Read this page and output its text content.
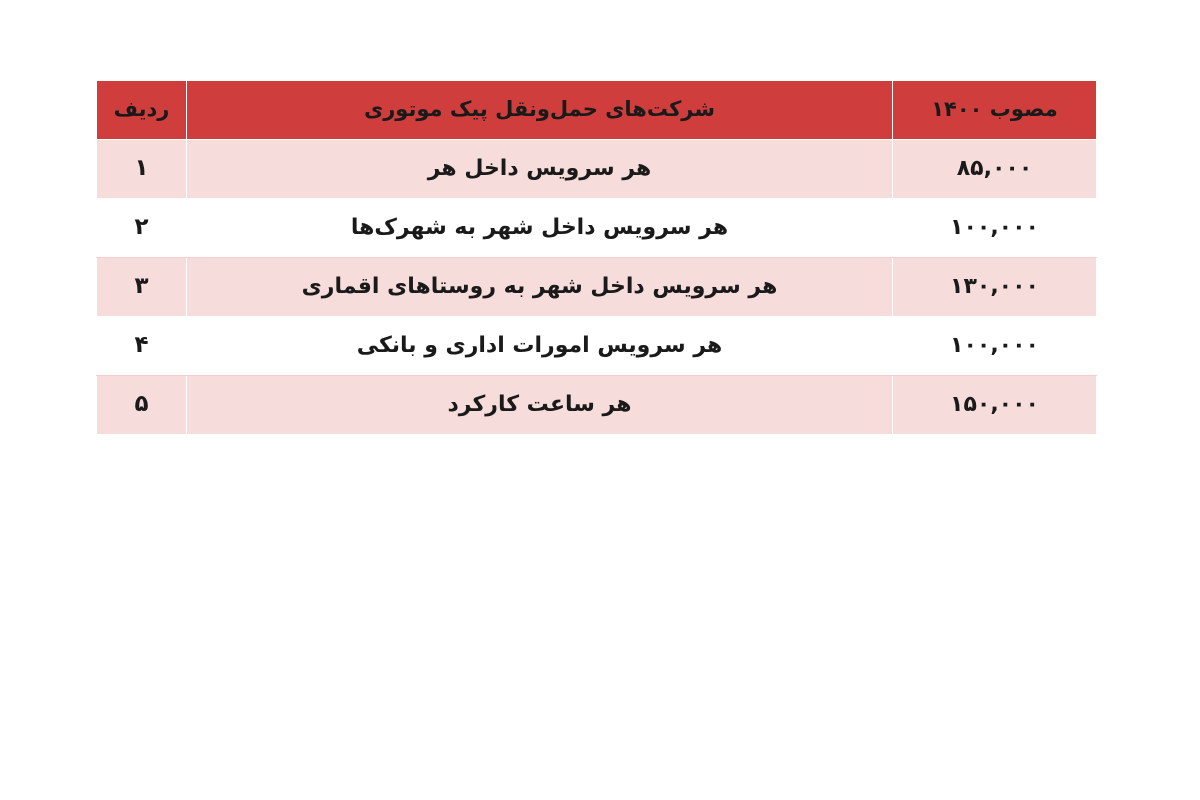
مصوب ۱۴۰۰	شرکت‌های حمل‌ونقل پیک موتوری	ردیف
۸۵,۰۰۰	هر سرویس داخل هر	۱
۱۰۰,۰۰۰	هر سرویس داخل شهر به شهرک‌ها	۲
۱۳۰,۰۰۰	هر سرویس داخل شهر به روستاهای اقماری	۳
۱۰۰,۰۰۰	هر سرویس امورات اداری و بانکی	۴
۱۵۰,۰۰۰	هر ساعت کارکرد	۵
